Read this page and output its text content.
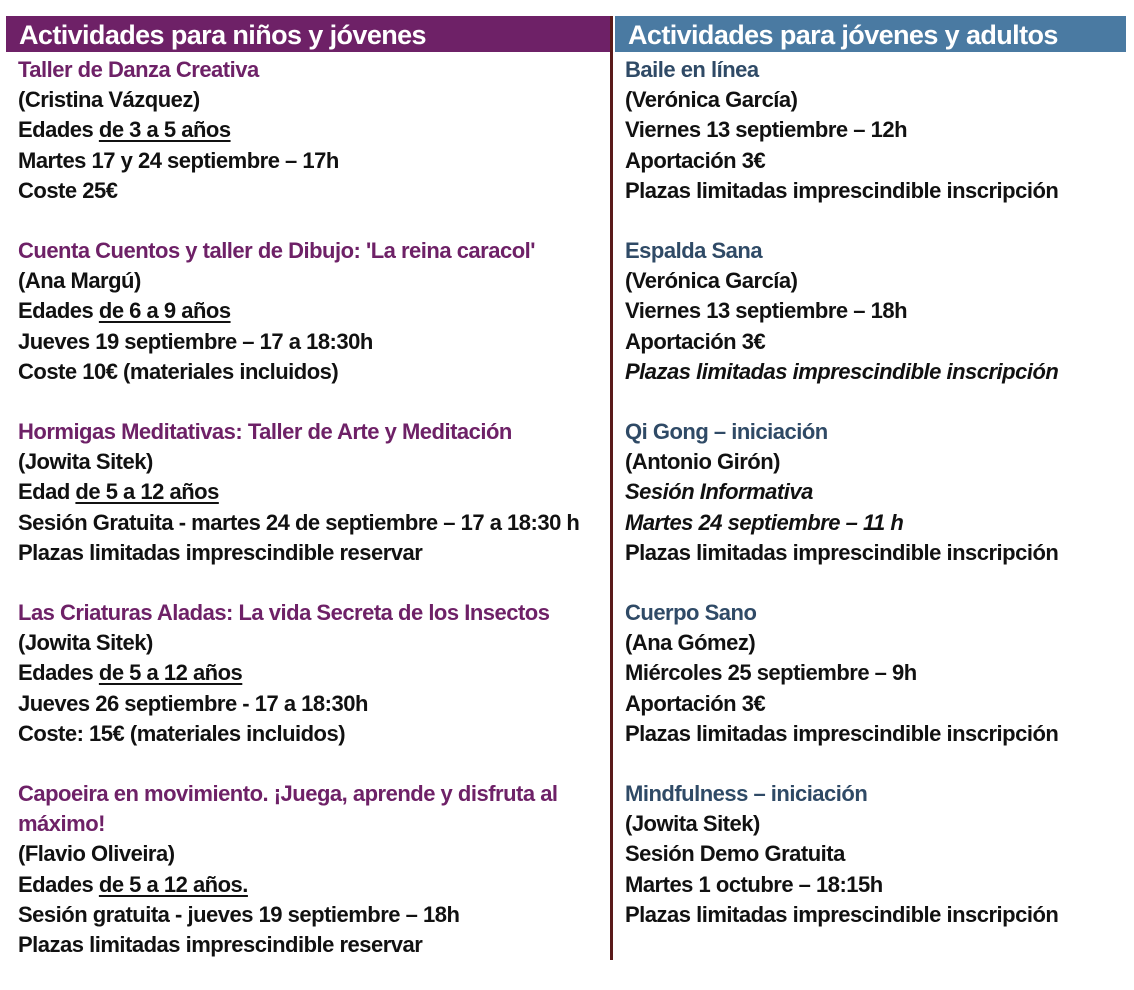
Actividades para niños y jóvenes	Actividades para jóvenes y adultos
Taller de Danza Creativa
(Cristina Vázquez)
Edades de 3 a 5 años
Martes 17 y 24 septiembre – 17h
Coste 25€
Cuenta Cuentos y taller de Dibujo: 'La reina caracol'
(Ana Margú)
Edades de 6 a 9 años
Jueves 19 septiembre – 17 a 18:30h
Coste 10€ (materiales incluidos)
Hormigas Meditativas: Taller de Arte y Meditación
(Jowita Sitek)
Edad de 5 a 12 años
Sesión Gratuita - martes 24 de septiembre – 17 a 18:30 h
Plazas limitadas imprescindible reservar
Las Criaturas Aladas: La vida Secreta de los Insectos
(Jowita Sitek)
Edades de 5 a 12 años
Jueves 26 septiembre - 17 a 18:30h
Coste: 15€ (materiales incluidos)
Capoeira en movimiento. ¡Juega, aprende y disfruta al máximo!
(Flavio Oliveira)
Edades de 5 a 12 años.
Sesión gratuita - jueves 19 septiembre – 18h
Plazas limitadas imprescindible reservar
Baile en línea
(Verónica García)
Viernes 13 septiembre – 12h
Aportación 3€
Plazas limitadas imprescindible inscripción
Espalda Sana
(Verónica García)
Viernes 13 septiembre – 18h
Aportación 3€
Plazas limitadas imprescindible inscripción
Qi Gong – iniciación
(Antonio Girón)
Sesión Informativa
Martes 24 septiembre – 11 h
Plazas limitadas imprescindible inscripción
Cuerpo Sano
(Ana Gómez)
Miércoles 25 septiembre – 9h
Aportación 3€
Plazas limitadas imprescindible inscripción
Mindfulness – iniciación
(Jowita Sitek)
Sesión Demo Gratuita
Martes 1 octubre – 18:15h
Plazas limitadas imprescindible inscripción
